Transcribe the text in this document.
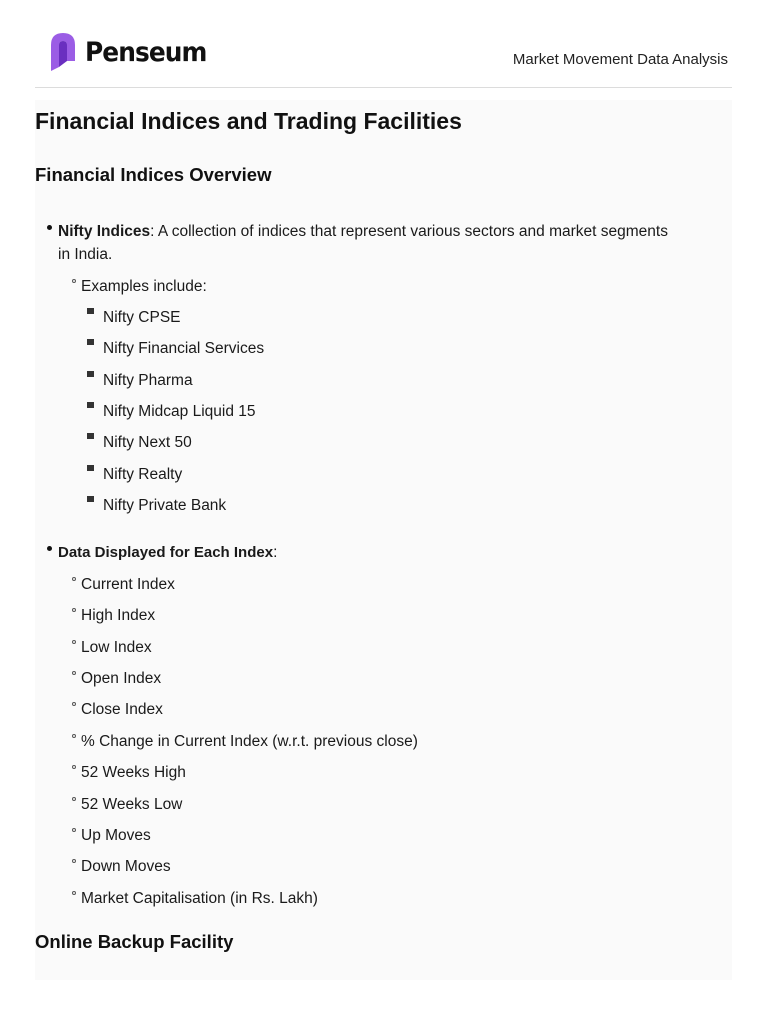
Penseum	Market Movement Data Analysis
Financial Indices and Trading Facilities
Financial Indices Overview
Nifty Indices: A collection of indices that represent various sectors and market segments
in India.
Examples include:
Nifty CPSE
Nifty Financial Services
Nifty Pharma
Nifty Midcap Liquid 15
Nifty Next 50
Nifty Realty
Nifty Private Bank
Data Displayed for Each Index:
Current Index
High Index
Low Index
Open Index
Close Index
% Change in Current Index (w.r.t. previous close)
52 Weeks High
52 Weeks Low
Up Moves
Down Moves
Market Capitalisation (in Rs. Lakh)
Online Backup Facility
